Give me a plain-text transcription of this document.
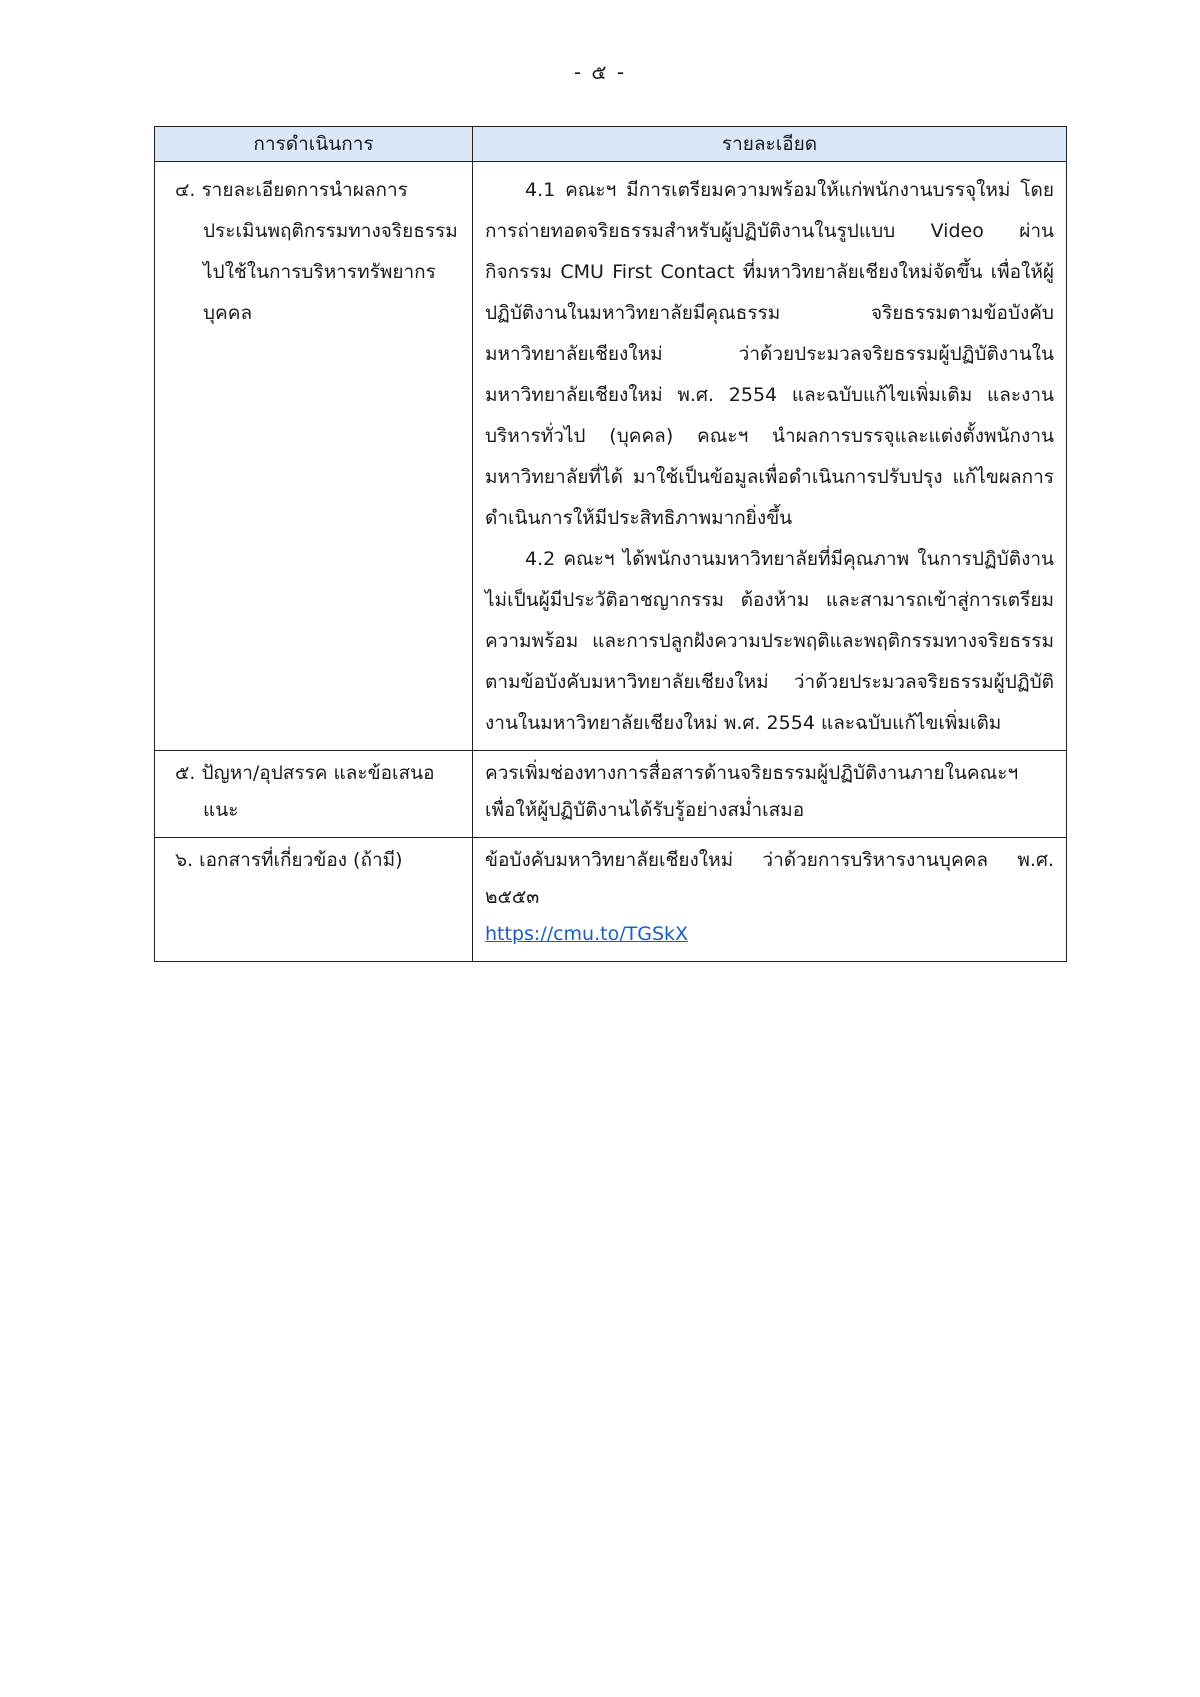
- ๕ -
การดำเนินการ	รายละเอียด

๔. รายละเอียดการนำผลการประเมินพฤติกรรมทางจริยธรรมไปใช้ในการบริหารทรัพยากรบุคคล	4.1 คณะฯ มีการเตรียมความพร้อมให้แก่พนักงานบรรจุใหม่ โดยการถ่ายทอดจริยธรรมสำหรับผู้ปฏิบัติงานในรูปแบบ Video ผ่านกิจกรรม CMU First Contact ที่มหาวิทยาลัยเชียงใหม่จัดขึ้น เพื่อให้ผู้ปฏิบัติงานในมหาวิทยาลัยมีคุณธรรม จริยธรรมตามข้อบังคับมหาวิทยาลัยเชียงใหม่ ว่าด้วยประมวลจริยธรรมผู้ปฏิบัติงานในมหาวิทยาลัยเชียงใหม่ พ.ศ. 2554 และฉบับแก้ไขเพิ่มเติม และงานบริหารทั่วไป (บุคคล) คณะฯ นำผลการบรรจุและแต่งตั้งพนักงานมหาวิทยาลัยที่ได้ มาใช้เป็นข้อมูลเพื่อดำเนินการปรับปรุง แก้ไขผลการดำเนินการให้มีประสิทธิภาพมากยิ่งขึ้น

4.2 คณะฯ ได้พนักงานมหาวิทยาลัยที่มีคุณภาพ ในการปฏิบัติงาน ไม่เป็นผู้มีประวัติอาชญากรรม ต้องห้าม และสามารถเข้าสู่การเตรียมความพร้อม และการปลูกฝังความประพฤติและพฤติกรรมทางจริยธรรม ตามข้อบังคับมหาวิทยาลัยเชียงใหม่ ว่าด้วยประมวลจริยธรรมผู้ปฏิบัติงานในมหาวิทยาลัยเชียงใหม่ พ.ศ. 2554 และฉบับแก้ไขเพิ่มเติม

๕. ปัญหา/อุปสรรค และข้อเสนอแนะ	ควรเพิ่มช่องทางการสื่อสารด้านจริยธรรมผู้ปฏิบัติงานภายในคณะฯ เพื่อให้ผู้ปฏิบัติงานได้รับรู้อย่างสม่ำเสมอ

๖. เอกสารที่เกี่ยวข้อง (ถ้ามี)	ข้อบังคับมหาวิทยาลัยเชียงใหม่ ว่าด้วยการบริหารงานบุคคล พ.ศ. ๒๕๕๓

https://cmu.to/TGSkX
